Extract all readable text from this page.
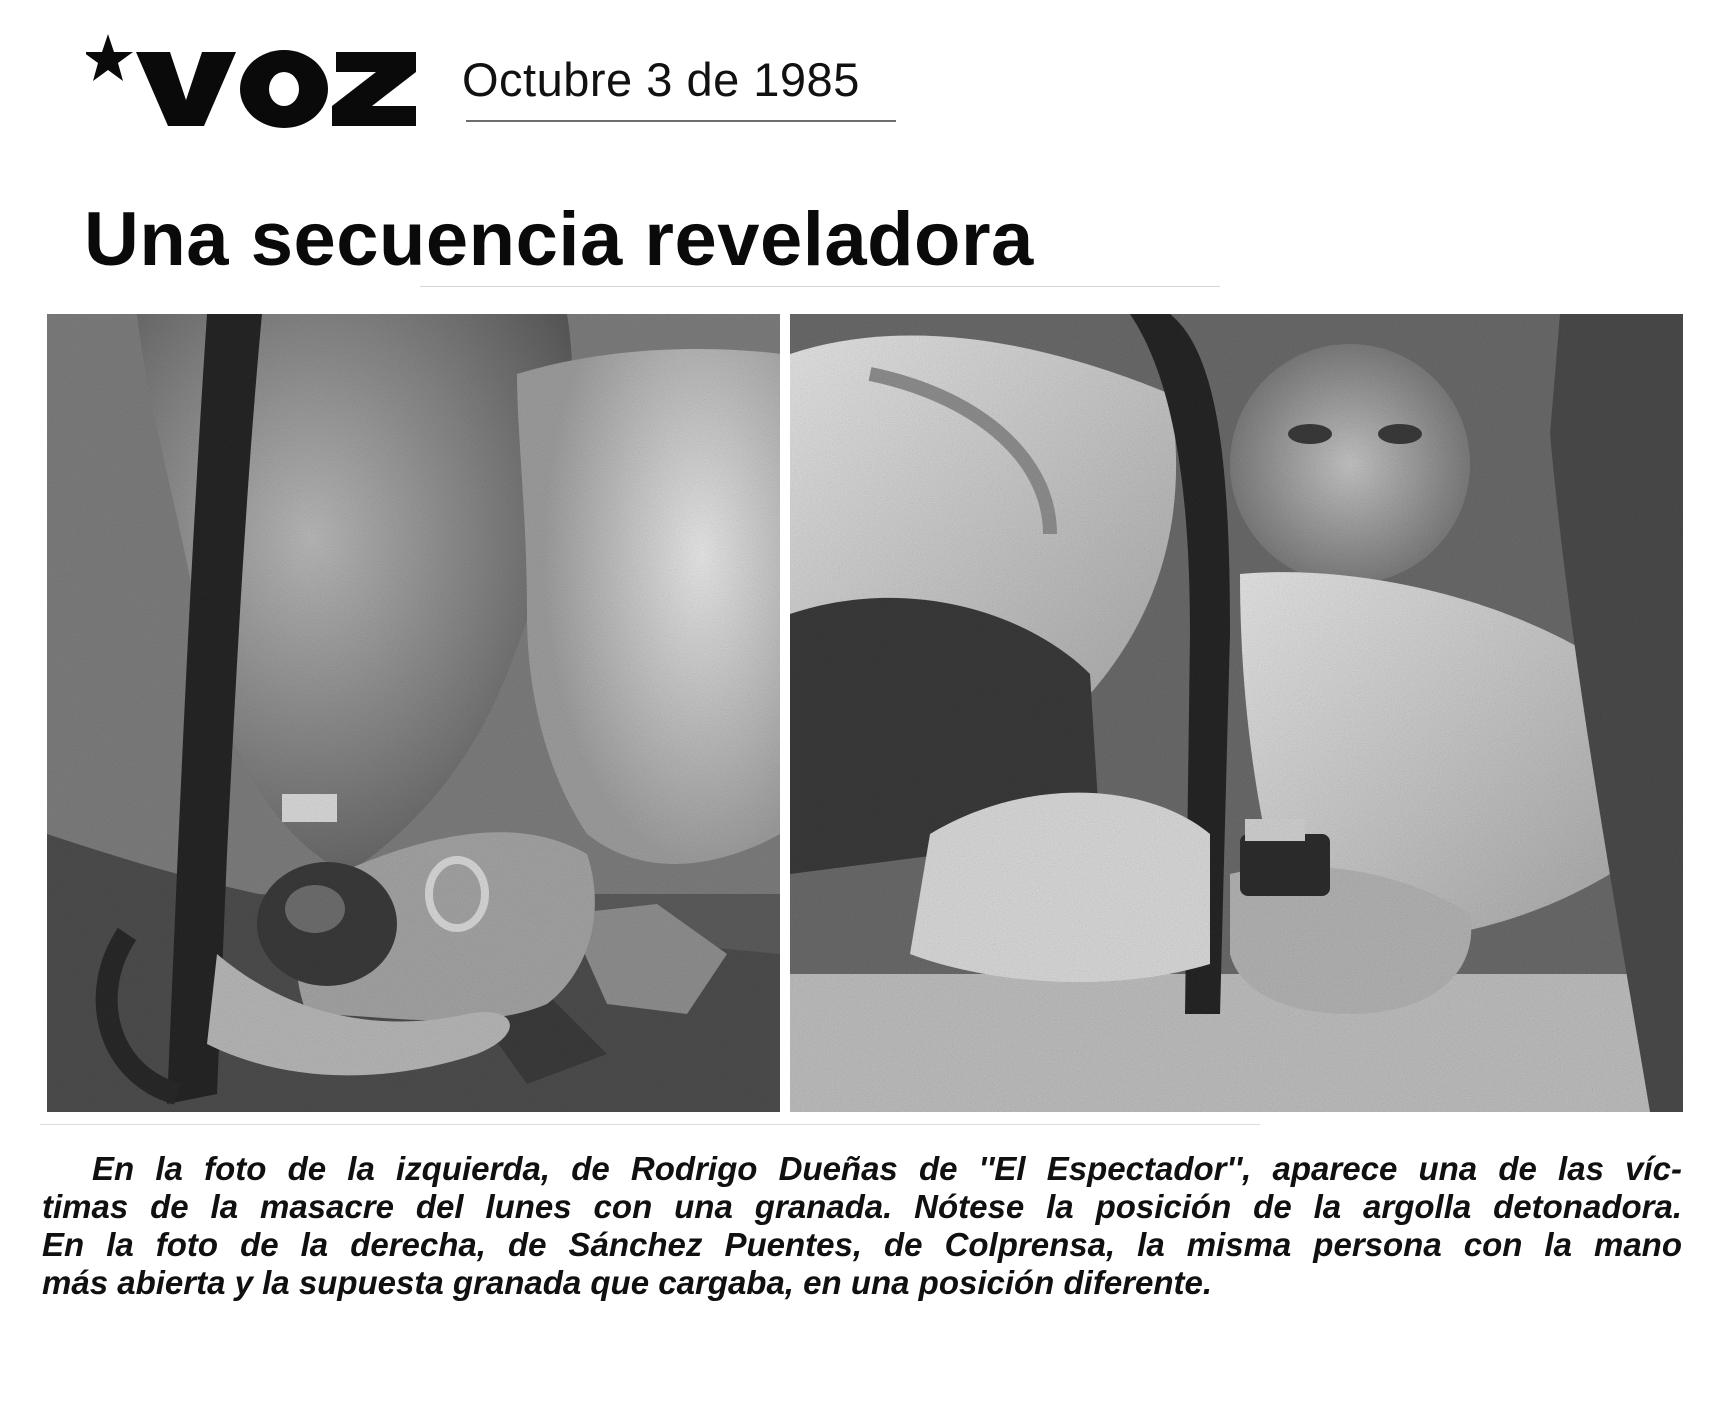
Octubre 3 de 1985
Una secuencia reveladora
En la foto de la izquierda, de Rodrigo Dueñas de ''El Espectador'', aparece una de las víc-
timas de la masacre del lunes con una granada. Nótese la posición de la argolla detonadora.
En la foto de la derecha, de Sánchez Puentes, de Colprensa, la misma persona con la mano
más abierta y la supuesta granada que cargaba, en una posición diferente.
